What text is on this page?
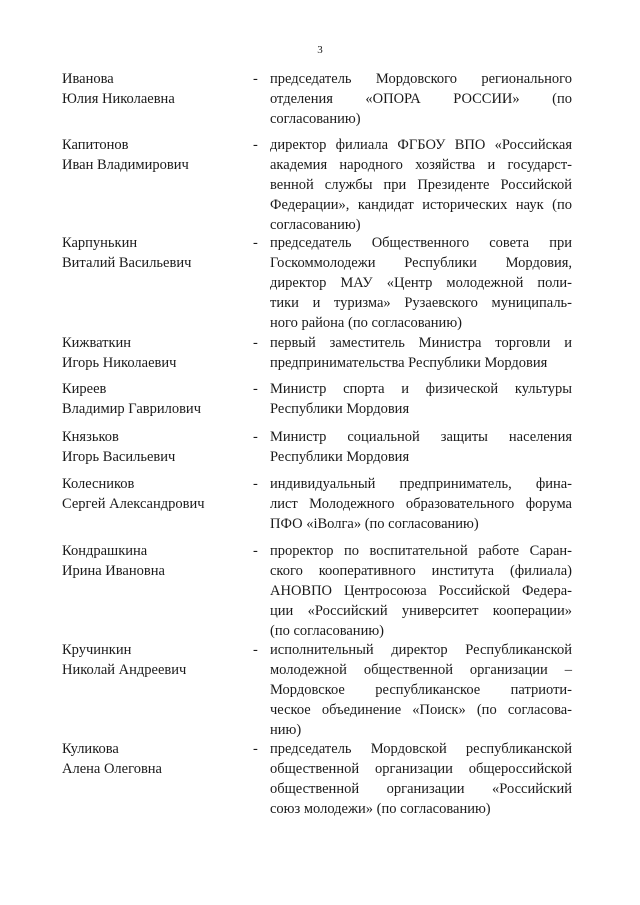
3
Иванова
Юлия Николаевна
- председатель Мордовского регионального
отделения «ОПОРА РОССИИ» (по
согласованию)
Капитонов
Иван Владимирович
- директор филиала ФГБОУ ВПО «Российская
академия народного хозяйства и государст-
венной службы при Президенте Российской
Федерации», кандидат исторических наук (по
согласованию)
Карпунькин
Виталий Васильевич
- председатель Общественного совета при
Госкоммолодежи Республики Мордовия,
директор МАУ «Центр молодежной поли-
тики и туризма» Рузаевского муниципаль-
ного района (по согласованию)
Кижваткин
Игорь Николаевич
- первый заместитель Министра торговли и
предпринимательства Республики Мордовия
Киреев
Владимир Гаврилович
- Министр спорта и физической культуры
Республики Мордовия
Князьков
Игорь Васильевич
- Министр социальной защиты населения
Республики Мордовия
Колесников
Сергей Александрович
- индивидуальный предприниматель, фина-
лист Молодежного образовательного форума
ПФО «iВолга» (по согласованию)
Кондрашкина
Ирина Ивановна
- проректор по воспитательной работе Саран-
ского кооперативного института (филиала)
АНОВПО Центросоюза Российской Федера-
ции «Российский университет кооперации»
(по согласованию)
Кручинкин
Николай Андреевич
- исполнительный директор Республиканской
молодежной общественной организации –
Мордовское республиканское патриоти-
ческое объединение «Поиск» (по согласова-
нию)
Куликова
Алена Олеговна
- председатель Мордовской республиканской
общественной организации общероссийской
общественной организации «Российский
союз молодежи» (по согласованию)
